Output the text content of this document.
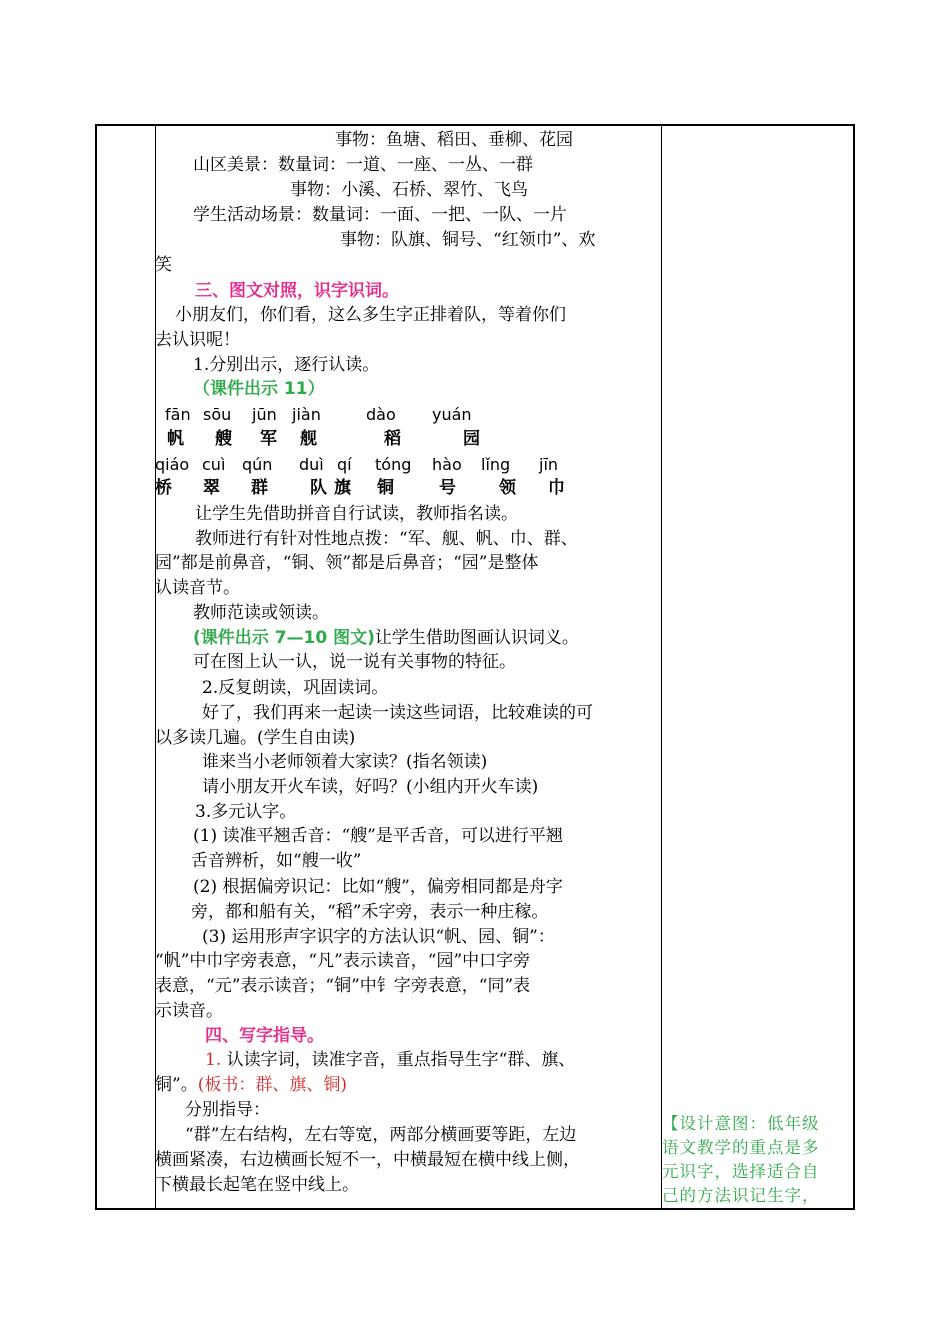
事物：鱼塘、稻田、垂柳、花园
山区美景：数量词：一道、一座、一丛、一群
事物：小溪、石桥、翠竹、飞鸟
学生活动场景：数量词：一面、一把、一队、一片
事物：队旗、铜号、“红领巾”、欢
笑
三、图文对照，识字识词。
小朋友们，你们看，这么多生字正排着队，等着你们
去认识呢！
1.分别出示，逐行认读。
（课件出示 11）
fān sōu jūn jiàn	dào yuán
帆 艘 军 舰	稻	园
qiáo cuì qún duì qí tóng hào lǐng jīn
桥 翠 群 队 旗 铜	号	领 巾
让学生先借助拼音自行试读，教师指名读。
教师进行有针对性地点拨：“军、舰、帆、巾、群、
园”都是前鼻音，“铜、领”都是后鼻音；“园”是整体
认读音节。
教师范读或领读。
(课件出示 7—10 图文)让学生借助图画认识词义。
可在图上认一认，说一说有关事物的特征。
2.反复朗读，巩固读词。
好了，我们再来一起读一读这些词语，比较难读的可
以多读几遍。(学生自由读)
谁来当小老师领着大家读？(指名领读)
请小朋友开火车读，好吗？(小组内开火车读)
3.多元认字。
(1) 读准平翘舌音：“艘”是平舌音，可以进行平翘
舌音辨析，如“艘一收”
(2) 根据偏旁识记：比如“艘”，偏旁相同都是舟字
旁，都和船有关，“稻”禾字旁，表示一种庄稼。
(3) 运用形声字识字的方法认识“帆、园、铜”：
“帆”中巾字旁表意，“凡”表示读音，“园”中口字旁
表意，“元”表示读音；“铜”中钅字旁表意，“同”表
示读音。
四、写字指导。
1. 认读字词，读准字音，重点指导生字“群、旗、
铜”。(板书：群、旗、铜)
分别指导：
“群”左右结构，左右等宽，两部分横画要等距，左边
横画紧凑，右边横画长短不一，中横最短在横中线上侧，
下横最长起笔在竖中线上。
【设计意图：低年级
语文教学的重点是多
元识字，选择适合自
己的方法识记生字，
